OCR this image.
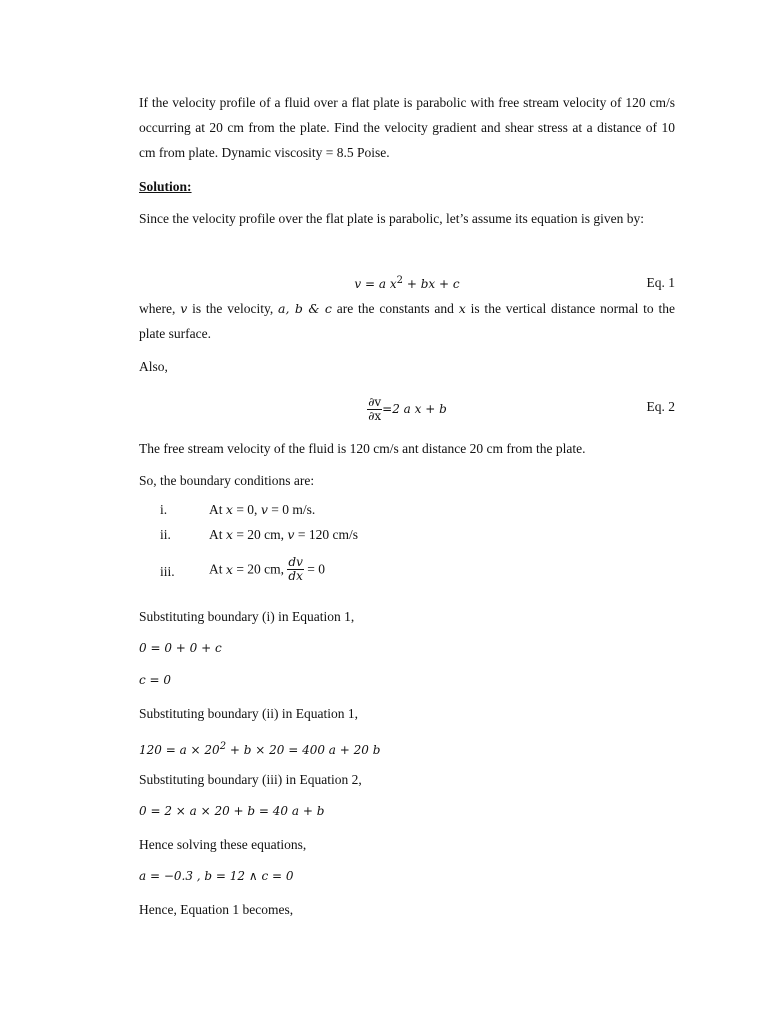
If the velocity profile of a fluid over a flat plate is parabolic with free stream velocity of 120 cm/s occurring at 20 cm from the plate. Find the velocity gradient and shear stress at a distance of 10 cm from plate. Dynamic viscosity = 8.5 Poise.

Solution:

Since the velocity profile over the flat plate is parabolic, let’s assume its equation is given by:

v = a $x^2$ + bx + c	Eq. 1

where, v is the velocity, a, b & c are the constants and x is the vertical distance normal to the plate surface.

Also,

$\frac{\partial v}{\partial x} =2$ a x + b	Eq. 2

The free stream velocity of the fluid is 120 cm/s ant distance 20 cm from the plate.

So, the boundary conditions are:

i.	At x = 0, v = 0 m/s.
ii.	At x = 20 cm, v = 120 cm/s
iii.	At x = 20 cm, $\frac{dv}{dx} = 0$

Substituting boundary (i) in Equation 1,

0 = 0 + 0 + c

c = 0

Substituting boundary (ii) in Equation 1,

$120 = a \times 20^2 + b \times 20 = 400$ a + 20 b

Substituting boundary (iii) in Equation 2,

0 = 2 × a × 20 + b = 40 a + b

Hence solving these equations,

a = −0.3 , b = 12 ∧ c = 0

Hence, Equation 1 becomes,
